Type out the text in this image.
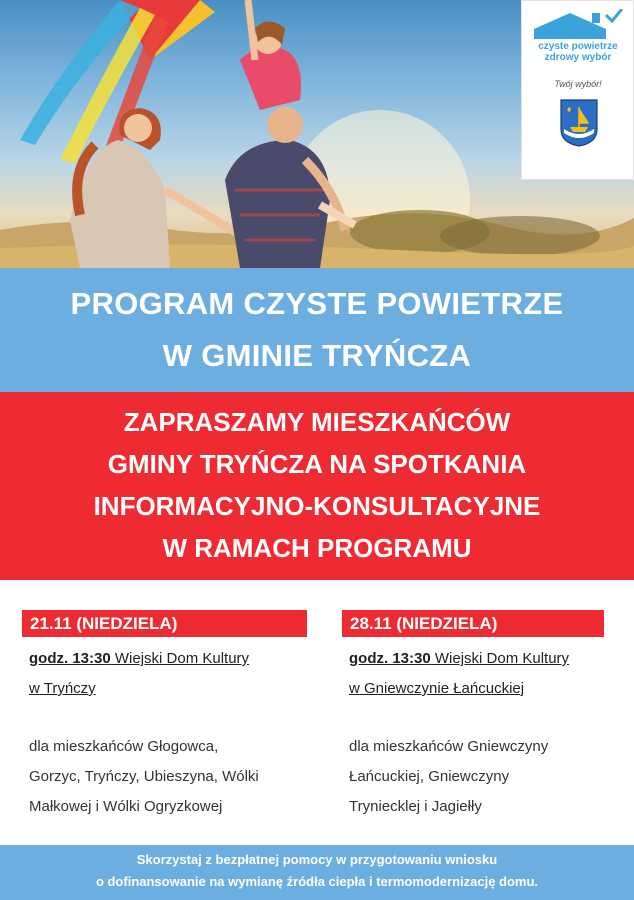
czyste powietrze
zdrowy wybór
Twój wybór!
PROGRAM CZYSTE POWIETRZE
W GMINIE TRYŃCZA
ZAPRASZAMY MIESZKAŃCÓW
GMINY TRYŃCZA NA SPOTKANIA
INFORMACYJNO-KONSULTACYJNE
W RAMACH PROGRAMU
21.11 (NIEDZIELA)
godz. 13:30 Wiejski Dom Kultury
w Tryńczy
dla mieszkańców Głogowca,
Gorzyc, Tryńczy, Ubieszyna, Wólki
Małkowej i Wólki Ogryzkowej
28.11 (NIEDZIELA)
godz. 13:30 Wiejski Dom Kultury
w Gniewczynie Łańcuckiej
dla mieszkańców Gniewczyny
Łańcuckiej, Gniewczyny
Tryniecklej i Jagiełły
Skorzystaj z bezpłatnej pomocy w przygotowaniu wniosku
o dofinansowanie na wymianę źródła ciepła i termomodernizację domu.
